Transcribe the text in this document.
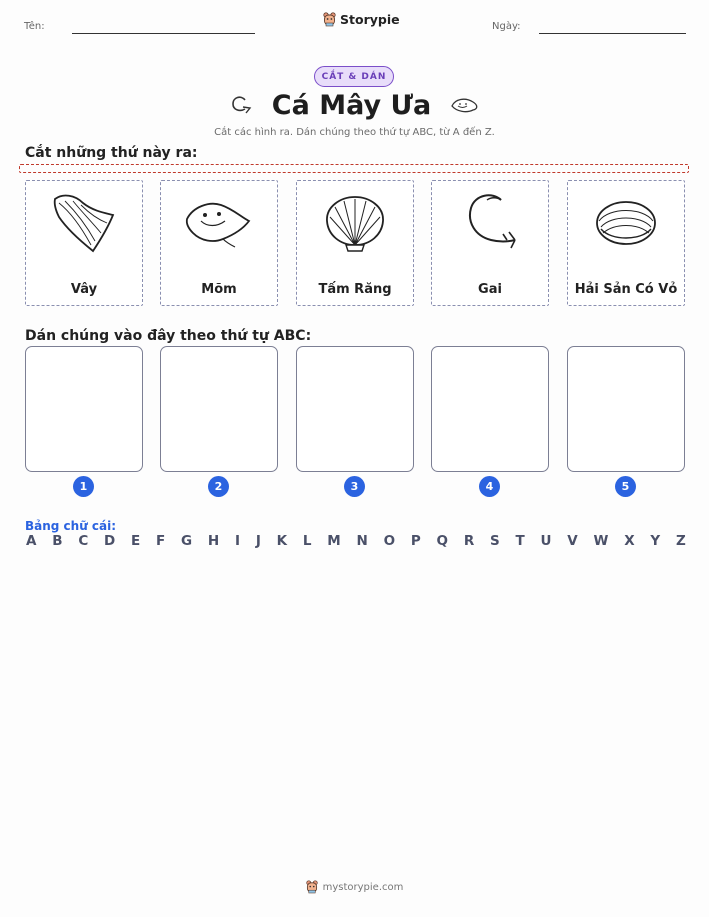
Tên:	Storypie	Ngày:
CẮT & DÁN
Cá Mây Ưa
Cắt các hình ra. Dán chúng theo thứ tự ABC, từ A đến Z.
Cắt những thứ này ra:
Vây	Mõm	Tấm Răng	Gai	Hải Sản Có Vỏ
Dán chúng vào đây theo thứ tự ABC:
1	2	3	4	5
Bảng chữ cái:
A B C D E F G H I J K L M N O P Q R S T U V W X Y Z
mystorypie.com
